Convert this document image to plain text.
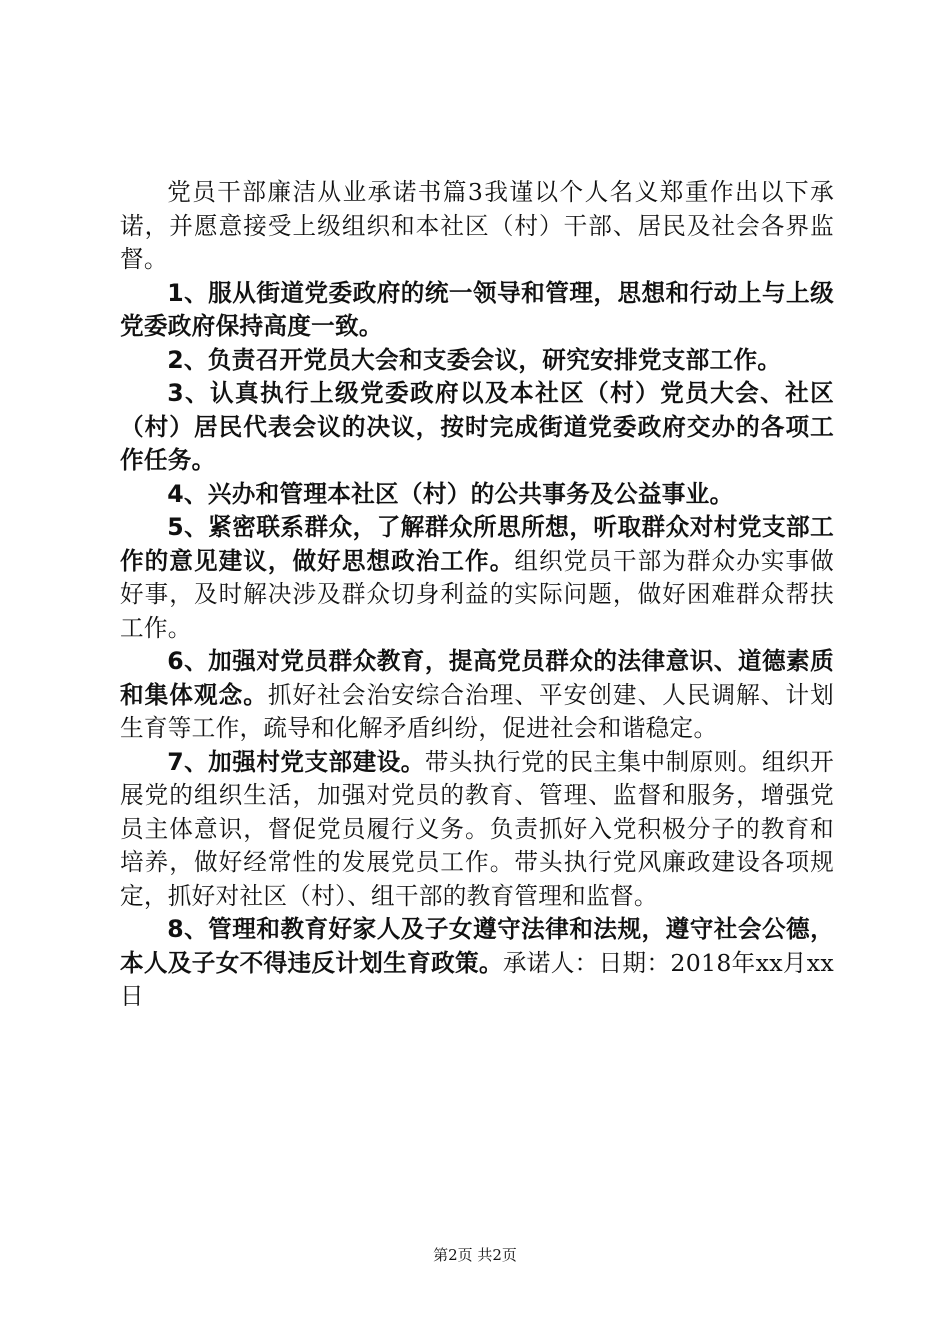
党员干部廉洁从业承诺书篇3我谨以个人名义郑重作出以下承诺，并愿意接受上级组织和本社区（村）干部、居民及社会各界监督。

1、服从街道党委政府的统一领导和管理，思想和行动上与上级党委政府保持高度一致。

2、负责召开党员大会和支委会议，研究安排党支部工作。

3、认真执行上级党委政府以及本社区（村）党员大会、社区（村）居民代表会议的决议，按时完成街道党委政府交办的各项工作任务。

4、兴办和管理本社区（村）的公共事务及公益事业。

5、紧密联系群众，了解群众所思所想，听取群众对村党支部工作的意见建议，做好思想政治工作。组织党员干部为群众办实事做好事，及时解决涉及群众切身利益的实际问题，做好困难群众帮扶工作。

6、加强对党员群众教育，提高党员群众的法律意识、道德素质和集体观念。抓好社会治安综合治理、平安创建、人民调解、计划生育等工作，疏导和化解矛盾纠纷，促进社会和谐稳定。

7、加强村党支部建设。带头执行党的民主集中制原则。组织开展党的组织生活，加强对党员的教育、管理、监督和服务，增强党员主体意识，督促党员履行义务。负责抓好入党积极分子的教育和培养，做好经常性的发展党员工作。带头执行党风廉政建设各项规定，抓好对社区（村）、组干部的教育管理和监督。

8、管理和教育好家人及子女遵守法律和法规，遵守社会公德，本人及子女不得违反计划生育政策。承诺人：日期：2018年xx月xx日

第2页 共2页
